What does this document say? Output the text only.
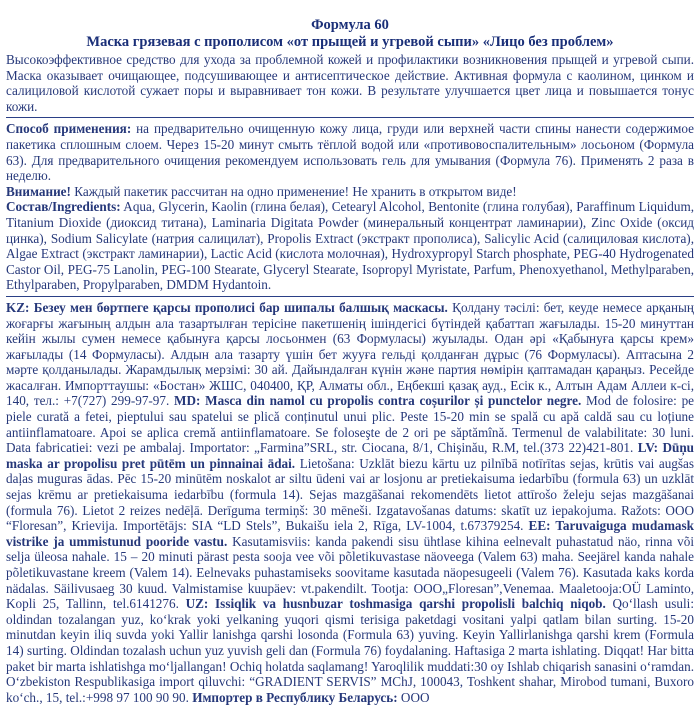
Формула 60
Маска грязевая с прополисом «от прыщей и угревой сыпи» «Лицо без проблем»

Высокоэффективное средство для ухода за проблемной кожей и профилактики возникновения прыщей и угревой сыпи. Маска оказывает очищающее, подсушивающее и антисептическое действие. Активная формула с каолином, цинком и салициловой кислотой сужает поры и выравнивает тон кожи. В результате улучшается цвет лица и повышается тонус кожи.

Способ применения: на предварительно очищенную кожу лица, груди или верхней части спины нанести содержимое пакетика сплошным слоем. Через 15-20 минут смыть тёплой водой или «противовоспалительным» лосьоном (Формула 63). Для предварительного очищения рекомендуем использовать гель для умывания (Формула 76). Применять 2 раза в неделю.

Внимание! Каждый пакетик рассчитан на одно применение! Не хранить в открытом виде!

Состав/Ingredients: Aqua, Glycerin, Kaolin (глина белая), Cetearyl Alcohol, Bentonite (глина голубая), Paraffinum Liquidum, Titanium Dioxide (диоксид титана), Laminaria Digitata Powder (минеральный концентрат ламинарии), Zinc Oxide (оксид цинка), Sodium Salicylate (натрия салицилат), Propolis Extract (экстракт прополиса), Salicylic Acid (салициловая кислота), Algae Extract (экстракт ламинарии), Lactic Acid (кислота молочная), Hydroxypropyl Starch phosphate, PEG-40 Hydrogenated Castor Oil, PEG-75 Lanolin, PEG-100 Stearate, Glyceryl Stearate, Isopropyl Myristate, Parfum, Phenoxyethanol, Methylparaben, Ethylparaben, Propylparaben, DMDM Hydantoin.

KZ: Безеу мен бөртпеге қарсы прополисі бар шипалы балшық маскасы. Қолдану тәсілі: бет, кеуде немесе арқаның жоғарғы жағының алдын ала тазартылған терісіне пакетшенің ішіндегісі бүтіндей қабаттап жағылады. 15-20 минуттан кейін жылы сумен немесе қабынуға қарсы лосьонмен (63 Формуласы) жуылады. Одан әрі «Қабынуға қарсы крем» жағылады (14 Формуласы). Алдын ала тазарту үшін бет жууға гельді қолданған дұрыс (76 Формуласы). Аптасына 2 мәрте қолданылады. Жарамдылық мерзімі: 30 ай. Дайындалған күнін және партия нөмірін қаптамадан қараңыз. Ресейде жасалған. Импорттаушы: «Бостан» ЖШС, 040400, ҚР, Алматы обл., Еңбекші қазақ ауд., Есік к., Алтын Адам Аллеи к-сі, 140, тел.: +7(727) 299-97-97. MD: Masca din namol cu propolis contra coșurilor și punctelor negre. Mod de folosire: pe piele curată a fetei, pieptului sau spatelui se plică conținutul unui plic. Peste 15-20 min se spală cu apă caldă sau cu loțiune antiinflamatoare. Apoi se aplica cremă antiinflamatoare. Se foloseşte de 2 ori pe săptămînă. Termenul de valabilitate: 30 luni. Data fabricatiei: vezi pe ambalaj. Importator: „Farmina”SRL, str. Ciocana, 8/1, Chișinău, R.M, tel.(373 22)421-801. LV: Dūņu maska ar propolisu pret pūtēm un pinnainai ādai. Lietošana: Uzklāt biezu kārtu uz pilnībā notīrītas sejas, krūtis vai augšas daļas muguras ādas. Pēc 15-20 minūtēm noskalot ar siltu ūdeni vai ar losjonu ar pretiekaisuma iedarbību (formula 63) un uzklāt sejas krēmu ar pretiekaisuma iedarbību (formula 14). Sejas mazgāšanai rekomendēts lietot attīrošo želeju sejas mazgāšanai (formula 76). Lietot 2 reizes nedēļā. Derīguma termiņš: 30 mēneši. Izgatavošanas datums: skatīt uz iepakojuma. Ražots: OOO “Floresan”, Krievija. Importētājs: SIA “LD Stels”, Bukaišu iela 2, Rīga, LV-1004, t.67379254. EE: Taruvaiguga mudamask vistrike ja ummistunud pooride vastu. Kasutamisviis: kanda pakendi sisu ühtlase kihina eelnevalt puhastatud näo, rinna või selja üleosa nahale. 15 – 20 minuti pärast pesta sooja vee või põletikuvastase näoveega (Valem 63) maha. Seejärel kanda nahale põletikuvastane kreem (Valem 14). Eelnevaks puhastamiseks soovitame kasutada näopesugeeli (Valem 76). Kasutada kaks korda nädalas. Säilivusaeg 30 kuud. Valmistamise kuupäev: vt.pakendilt. Tootja: OOO„Floresan”,Venemaa. Maaletooja:OÜ Laminto, Kopli 25, Tallinn, tel.6141276. UZ: Issiqlik va husnbuzar toshmasiga qarshi propolisli balchiq niqob. Qo‘llash usuli: oldindan tozalangan yuz, ko‘krak yoki yelkaning yuqori qismi terisiga paketdagi vositani yalpi qatlam bilan surting. 15-20 minutdan keyin iliq suvda yoki Yallir lanishga qarshi losonda (Formula 63) yuving. Keyin Yallirlanishga qarshi krem (Formula 14) surting. Oldindan tozalash uchun yuz yuvish geli dan (Formula 76) foydalaning. Haftasiga 2 marta ishlating. Diqqat! Har bitta paket bir marta ishlatishga mo‘ljallangan! Ochiq holatda saqlamang! Yaroqlilik muddati:30 oy Ishlab chiqarish sanasini o‘ramdan. O‘zbekiston Respublikasiga import qiluvchi: “GRADIENT SERVIS” MChJ, 100043, Toshkent shahar, Mirobod tumani, Buxoro ko‘ch., 15, tel.:+998 97 100 90 90. Импортер в Республику Беларусь: ООО
